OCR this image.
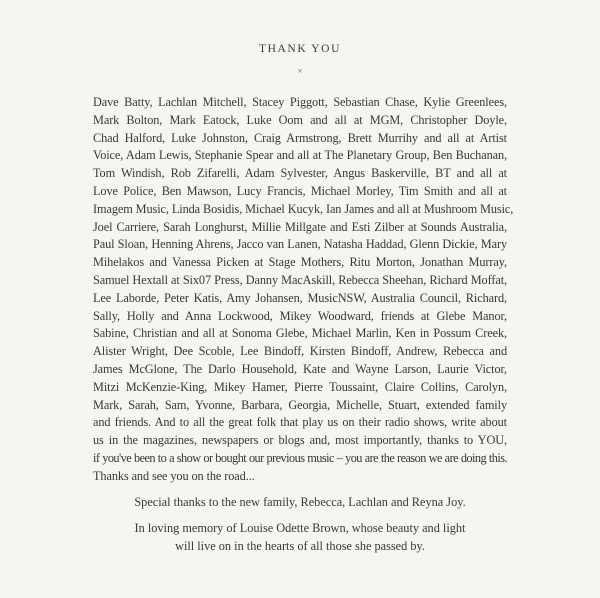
THANK YOU
×
Dave Batty, Lachlan Mitchell, Stacey Piggott, Sebastian Chase, Kylie Greenlees,
Mark Bolton, Mark Eatock, Luke Oom and all at MGM, Christopher Doyle,
Chad Halford, Luke Johnston, Craig Armstrong, Brett Murrihy and all at Artist
Voice, Adam Lewis, Stephanie Spear and all at The Planetary Group, Ben Buchanan,
Tom Windish, Rob Zifarelli, Adam Sylvester, Angus Baskerville, BT and all at
Love Police, Ben Mawson, Lucy Francis, Michael Morley, Tim Smith and all at
Imagem Music, Linda Bosidis, Michael Kucyk, Ian James and all at Mushroom Music,
Joel Carriere, Sarah Longhurst, Millie Millgate and Esti Zilber at Sounds Australia,
Paul Sloan, Henning Ahrens, Jacco van Lanen, Natasha Haddad, Glenn Dickie, Mary
Mihelakos and Vanessa Picken at Stage Mothers, Ritu Morton, Jonathan Murray,
Samuel Hextall at Six07 Press, Danny MacAskill, Rebecca Sheehan, Richard Moffat,
Lee Laborde, Peter Katis, Amy Johansen, MusicNSW, Australia Council, Richard,
Sally, Holly and Anna Lockwood, Mikey Woodward, friends at Glebe Manor,
Sabine, Christian and all at Sonoma Glebe, Michael Marlin, Ken in Possum Creek,
Alister Wright, Dee Scoble, Lee Bindoff, Kirsten Bindoff, Andrew, Rebecca and
James McGlone, The Darlo Household, Kate and Wayne Larson, Laurie Victor,
Mitzi McKenzie-King, Mikey Hamer, Pierre Toussaint, Claire Collins, Carolyn,
Mark, Sarah, Sam, Yvonne, Barbara, Georgia, Michelle, Stuart, extended family
and friends. And to all the great folk that play us on their radio shows, write about
us in the magazines, newspapers or blogs and, most importantly, thanks to YOU,
if you've been to a show or bought our previous music – you are the reason we are doing this.
Thanks and see you on the road...
Special thanks to the new family, Rebecca, Lachlan and Reyna Joy.
In loving memory of Louise Odette Brown, whose beauty and light
will live on in the hearts of all those she passed by.
